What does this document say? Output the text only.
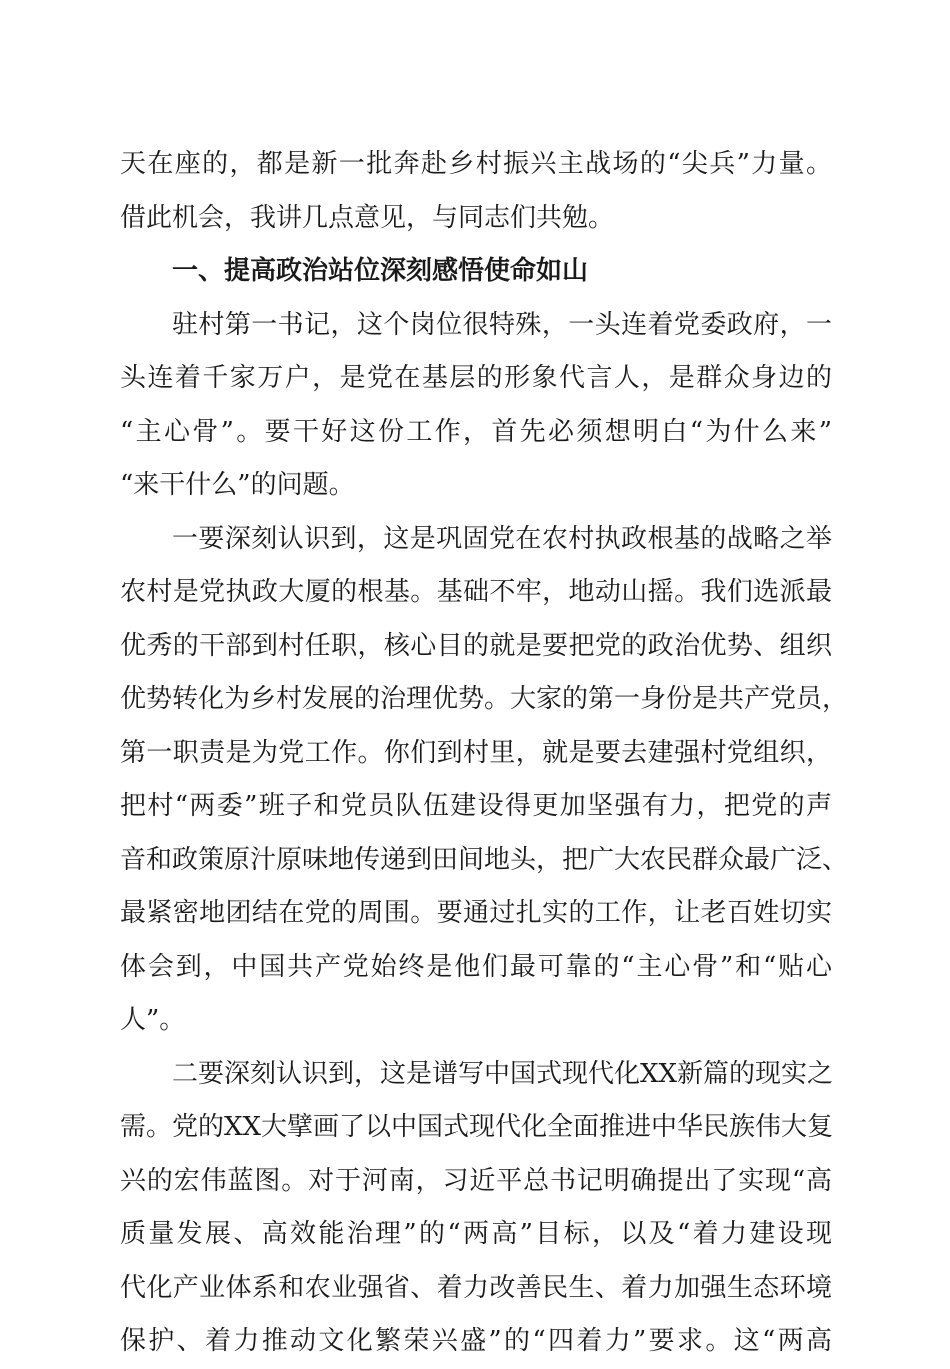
天在座的，都是新一批奔赴乡村振兴主战场的“尖兵”力量。
借此机会，我讲几点意见，与同志们共勉。
一、提高政治站位深刻感悟使命如山
驻村第一书记，这个岗位很特殊，一头连着党委政府，一
头连着千家万户，是党在基层的形象代言人，是群众身边的
“主心骨”。要干好这份工作，首先必须想明白“为什么来”
“来干什么”的问题。
一要深刻认识到，这是巩固党在农村执政根基的战略之举
农村是党执政大厦的根基。基础不牢，地动山摇。我们选派最
优秀的干部到村任职，核心目的就是要把党的政治优势、组织
优势转化为乡村发展的治理优势。大家的第一身份是共产党员，
第一职责是为党工作。你们到村里，就是要去建强村党组织，
把村“两委”班子和党员队伍建设得更加坚强有力，把党的声
音和政策原汁原味地传递到田间地头，把广大农民群众最广泛、
最紧密地团结在党的周围。要通过扎实的工作，让老百姓切实
体会到，中国共产党始终是他们最可靠的“主心骨”和“贴心
人”。
二要深刻认识到，这是谱写中国式现代化XX新篇的现实之
需。党的XX大擘画了以中国式现代化全面推进中华民族伟大复
兴的宏伟蓝图。对于河南，习近平总书记明确提出了实现“高
质量发展、高效能治理”的“两高”目标，以及“着力建设现
代化产业体系和农业强省、着力改善民生、着力加强生态环境
保护、着力推动文化繁荣兴盛”的“四着力”要求。这“两高
